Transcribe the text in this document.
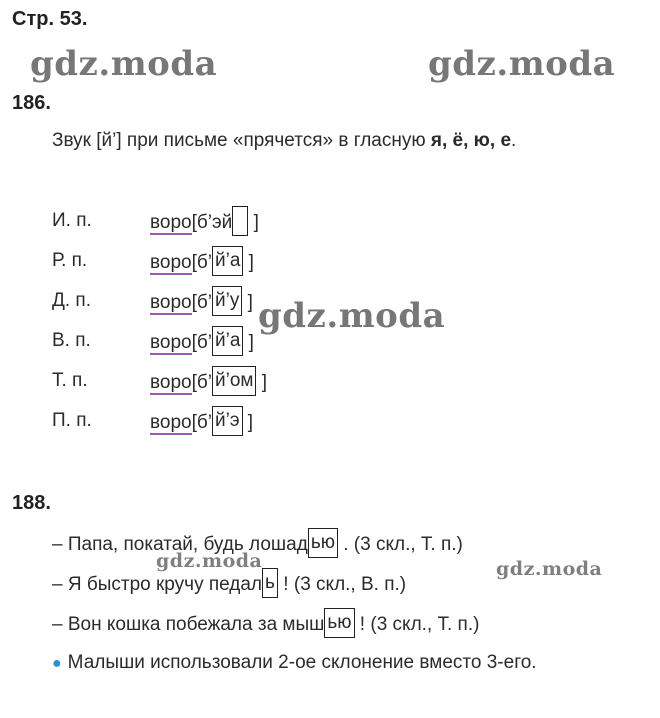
Стр. 53.
gdz.moda	gdz.moda
gdz.moda
gdz.moda	gdz.moda
186.
Звук [й’] при письме «прячется» в гласную я, ё, ю, е.
И. п.	воро[б’эй ]
Р. п.	воро[б’ й’а ]
Д. п.	воро[б’ й’у ]
В. п.	воро[б’ й’а ]
Т. п.	воро[б’ й’ом ]
П. п.	воро[б’ й’э ]
188.
– Папа, покатай, будь лошад ью . (3 скл., Т. п.)
– Я быстро кручу педал ь ! (3 скл., В. п.)
– Вон кошка побежала за мыш ью ! (3 скл., Т. п.)
● Малыши использовали 2-ое склонение вместо 3-его.
